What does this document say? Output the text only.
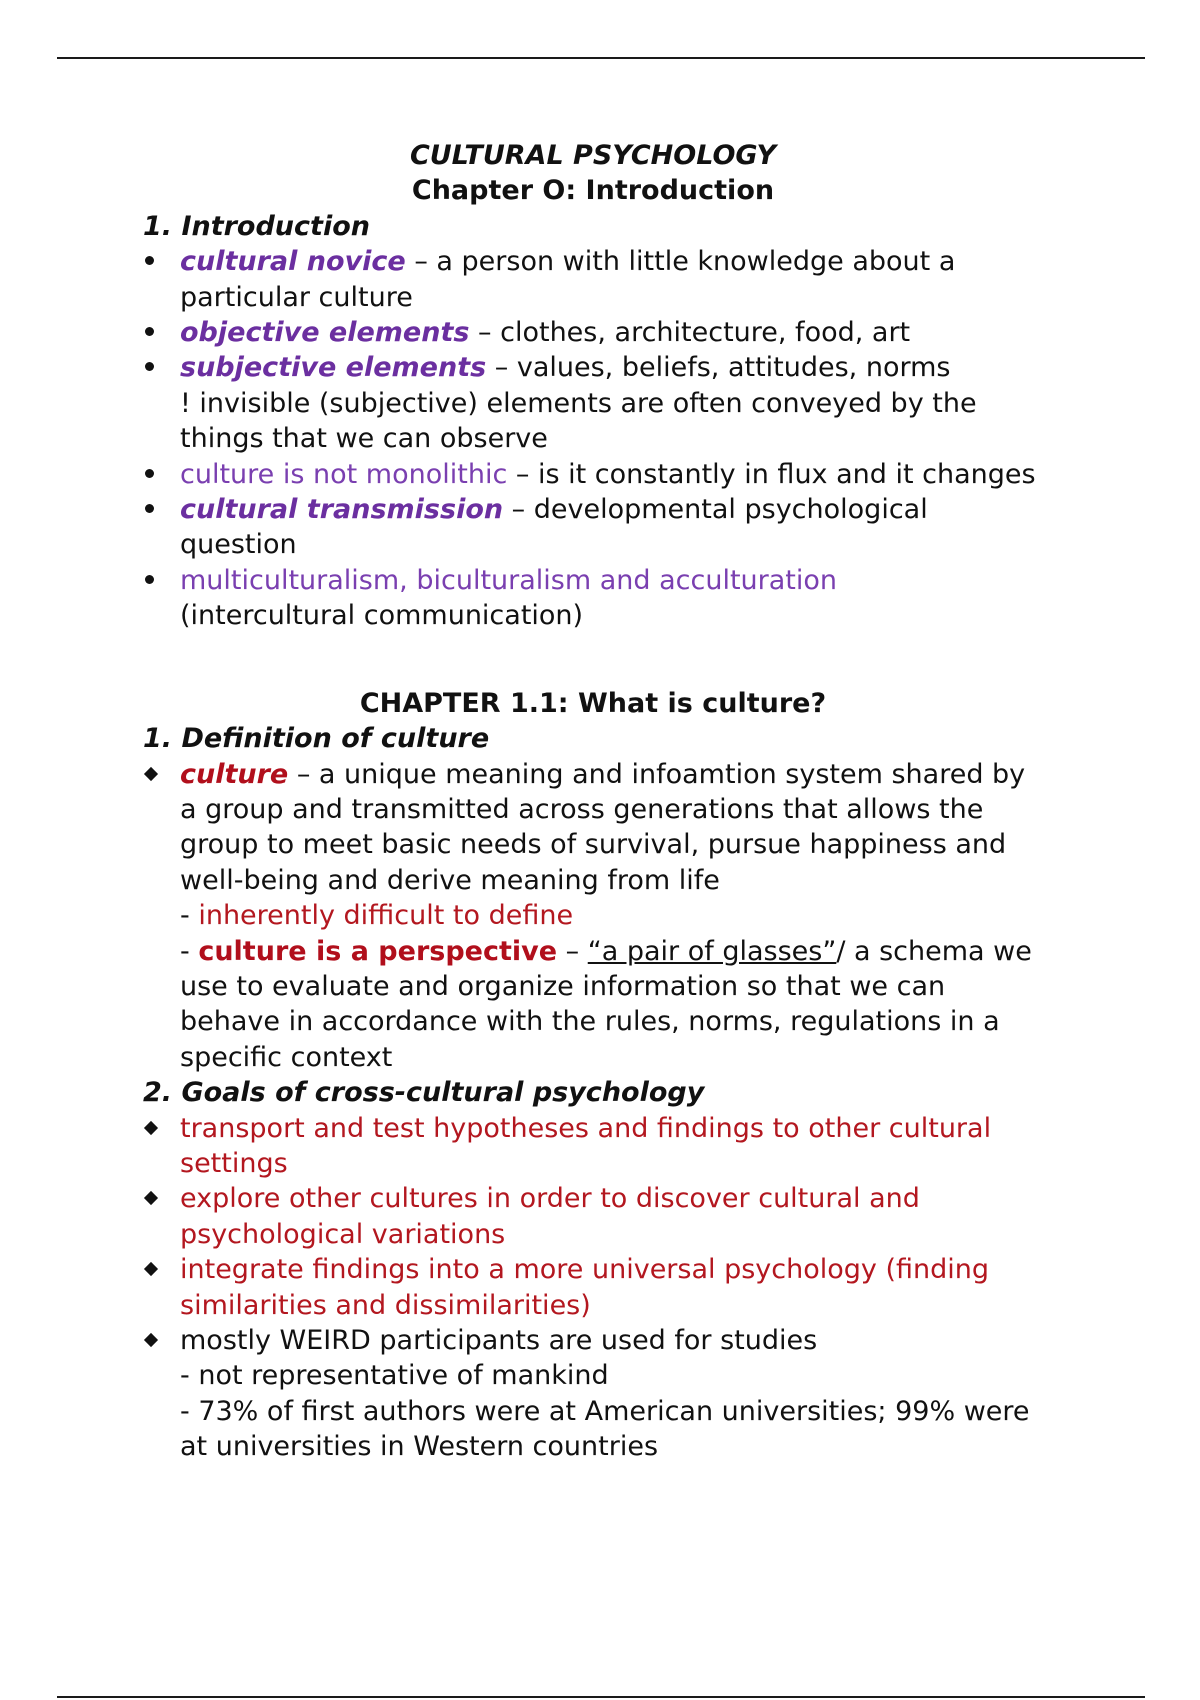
CULTURAL PSYCHOLOGY
Chapter O: Introduction
1. Introduction
cultural novice – a person with little knowledge about a particular culture
objective elements – clothes, architecture, food, art
subjective elements – values, beliefs, attitudes, norms
! invisible (subjective) elements are often conveyed by the things that we can observe
culture is not monolithic – is it constantly in flux and it changes
cultural transmission – developmental psychological question
multiculturalism, biculturalism and acculturation
(intercultural communication)
CHAPTER 1.1: What is culture?
1. Definition of culture
culture – a unique meaning and infoamtion system shared by a group and transmitted across generations that allows the group to meet basic needs of survival, pursue happiness and well-being and derive meaning from life
- inherently difficult to define
- culture is a perspective – “a pair of glasses”/ a schema we use to evaluate and organize information so that we can behave in accordance with the rules, norms, regulations in a specific context
2. Goals of cross-cultural psychology
transport and test hypotheses and findings to other cultural settings
explore other cultures in order to discover cultural and psychological variations
integrate findings into a more universal psychology (finding similarities and dissimilarities)
mostly WEIRD participants are used for studies
- not representative of mankind
- 73% of first authors were at American universities; 99% were at universities in Western countries
